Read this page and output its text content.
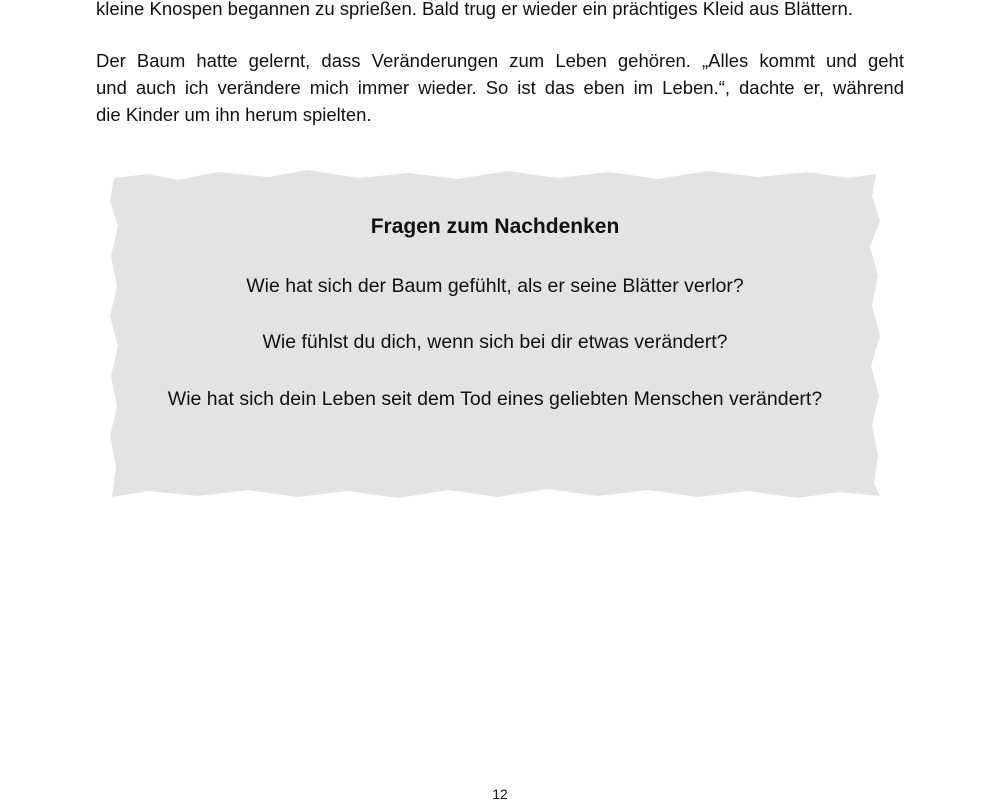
kleine Knospen begannen zu sprießen. Bald trug er wieder ein prächtiges Kleid aus Blättern.
Der Baum hatte gelernt, dass Veränderungen zum Leben gehören. „Alles kommt und geht
und auch ich verändere mich immer wieder. So ist das eben im Leben.“, dachte er, während
die Kinder um ihn herum spielten.

Fragen zum Nachdenken

Wie hat sich der Baum gefühlt, als er seine Blätter verlor?

Wie fühlst du dich, wenn sich bei dir etwas verändert?

Wie hat sich dein Leben seit dem Tod eines geliebten Menschen verändert?

12
